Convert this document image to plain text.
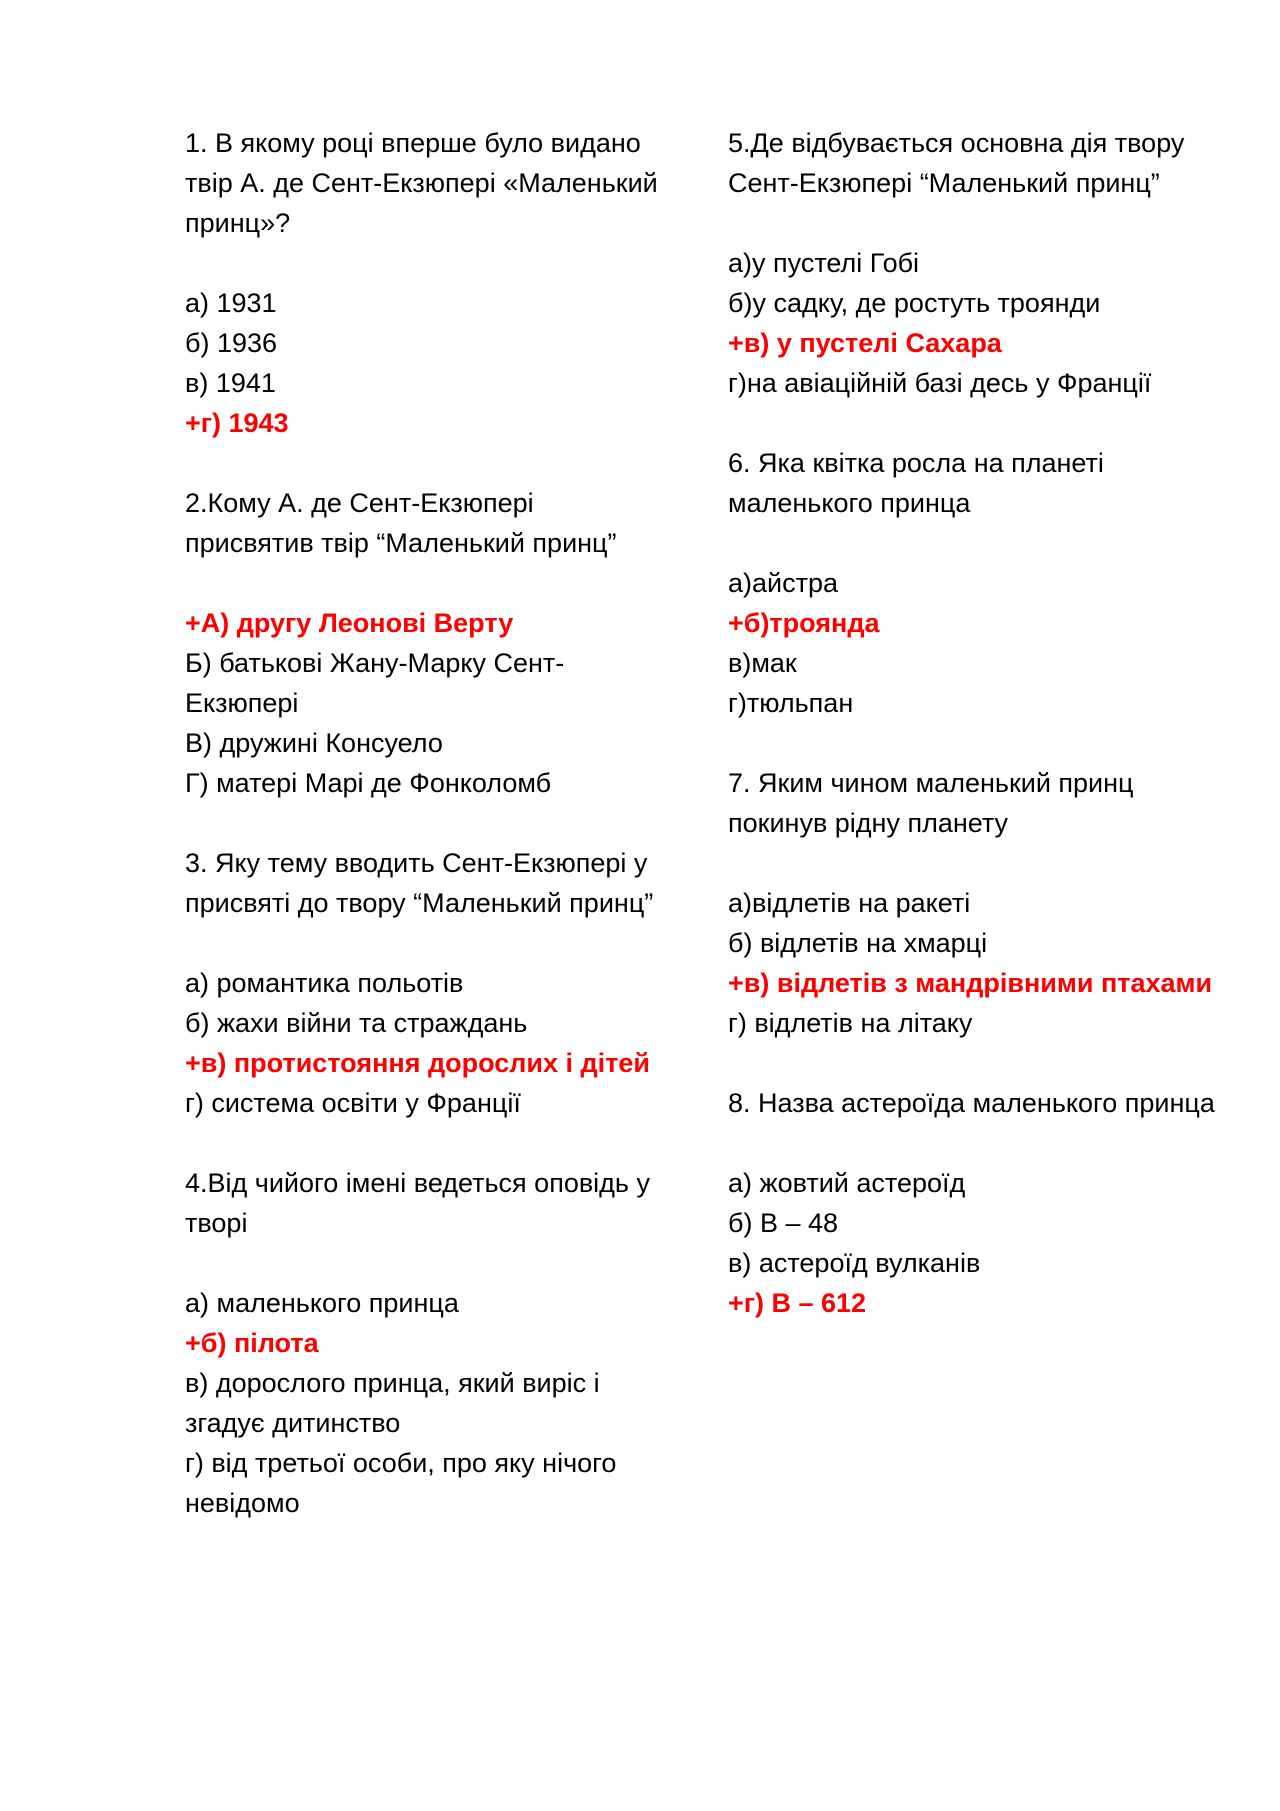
1. В якому році вперше було видано твір А. де Сент-Екзюпері «Маленький принц»?

а) 1931

б) 1936

в) 1941

+г) 1943

2.Кому А. де Сент-Екзюпері присвятив твір “Маленький принц”

+А) другу Леонові Верту

Б) батькові Жану-Марку Сент-Екзюпері

В) дружині Консуело

Г) матері Марі де Фонколомб

3. Яку тему вводить Сент-Екзюпері у присвяті до твору “Маленький принц”

а) романтика польотів

б) жахи війни та страждань

+в) протистояння дорослих і дітей

г) система освіти у Франції

4.Від чийого імені ведеться оповідь у творі

а) маленького принца

+б) пілота

в) дорослого принца, який виріс і згадує дитинство

г) від третьої особи, про яку нічого невідомо

5.Де відбувається основна дія твору Сент-Екзюпері “Маленький принц”

а)у пустелі Гобі

б)у садку, де ростуть троянди

+в) у пустелі Сахара

г)на авіаційній базі десь у Франції

6. Яка квітка росла на планеті маленького принца

а)айстра

+б)троянда

в)мак

г)тюльпан

7. Яким чином маленький принц покинув рідну планету

а)відлетів на ракеті

б) відлетів на хмарці

+в) відлетів з мандрівними птахами

г) відлетів на літаку

8. Назва астероїда маленького принца

а) жовтий астероїд

б) В – 48

в) астероїд вулканів

+г) В – 612
